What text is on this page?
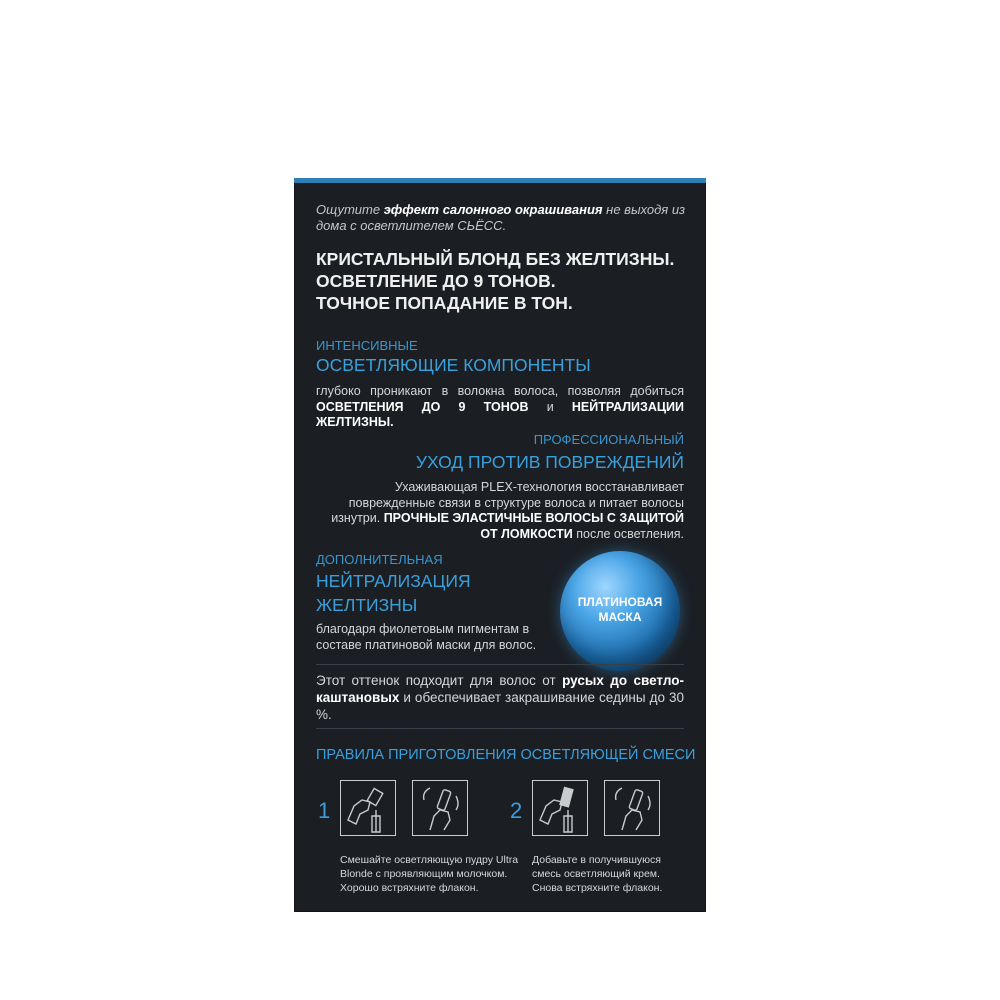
Ощутите эффект салонного окрашивания не выходя из дома с осветлителем СЬЁСС.

КРИСТАЛЬНЫЙ БЛОНД БЕЗ ЖЕЛТИЗНЫ.
ОСВЕТЛЕНИЕ ДО 9 ТОНОВ.
ТОЧНОЕ ПОПАДАНИЕ В ТОН.

ИНТЕНСИВНЫЕ

ОСВЕТЛЯЮЩИЕ КОМПОНЕНТЫ

глубоко проникают в волокна волоса, позволяя добиться ОСВЕТЛЕНИЯ ДО 9 ТОНОВ и НЕЙТРАЛИЗАЦИИ ЖЕЛТИЗНЫ.

ПРОФЕССИОНАЛЬНЫЙ

УХОД ПРОТИВ ПОВРЕЖДЕНИЙ

Ухаживающая PLEX-технология восстанавливает поврежденные связи в структуре волоса и питает волосы изнутри. ПРОЧНЫЕ ЭЛАСТИЧНЫЕ ВОЛОСЫ С ЗАЩИТОЙ ОТ ЛОМКОСТИ после осветления.

ДОПОЛНИТЕЛЬНАЯ

НЕЙТРАЛИЗАЦИЯ

ЖЕЛТИЗНЫ

благодаря фиолетовым пигментам в составе платиновой маски для волос.

ПЛАТИНОВАЯ
МАСКА

Этот оттенок подходит для волос от русых до светло-каштановых и обеспечивает закрашивание седины до 30 %.

ПРАВИЛА ПРИГОТОВЛЕНИЯ ОСВЕТЛЯЮЩЕЙ СМЕСИ
1

Смешайте осветляющую пудру Ultra Blonde с проявляющим молочком. Хорошо встряхните флакон.

2

Добавьте в получившуюся смесь осветляющий крем. Снова встряхните флакон.
